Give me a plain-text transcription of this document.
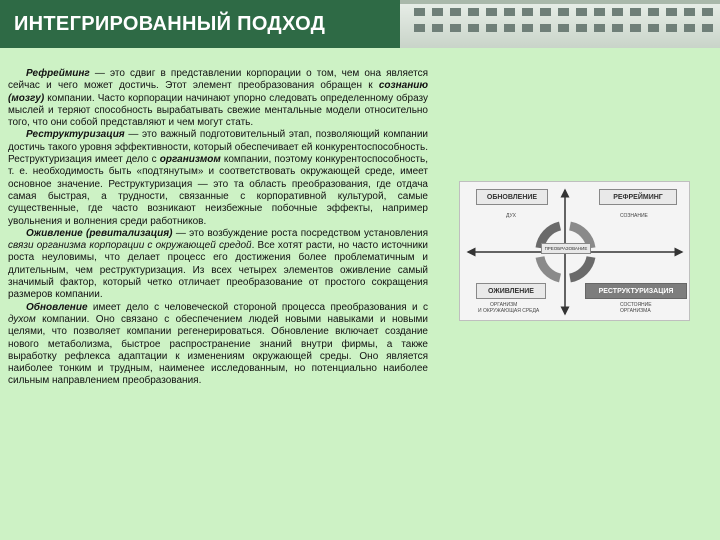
ИНТЕГРИРОВАННЫЙ ПОДХОД

Рефрейминг — это сдвиг в представлении корпорации о том, чем она является сейчас и чего может достичь. Этот элемент преобразования обращен к сознанию (мозгу) компании. Часто корпорации начинают упорно следовать определенному образу мыслей и теряют способность вырабатывать свежие ментальные модели относительно того, что они собой представляют и чем могут стать.

Реструктуризация — это важный подготовительный этап, позволяющий компании достичь такого уровня эффективности, который обеспечивает ей конкурентоспособность. Реструктуризация имеет дело с организмом компании, поэтому конкурентоспособность, т. е. необходимость быть «подтянутым» и соответствовать окружающей среде, имеет основное значение. Реструктуризация — это та область преобразования, где отдача самая быстрая, а трудности, связанные с корпоративной культурой, самые существенные, где часто возникают неизбежные побочные эффекты, например увольнения и волнения среди работников.

Оживление (ревитализация) — это возбуждение роста посредством установления связи организма корпорации с окружающей средой. Все хотят расти, но часто источники роста неуловимы, что делает процесс его достижения более проблематичным и длительным, чем реструктуризация. Из всех четырех элементов оживление самый значимый фактор, который четко отличает преобразование от простого сокращения размеров компании.

Обновление имеет дело с человеческой стороной процесса преобразования и с духом компании. Оно связано с обеспечением людей новыми навыками и новыми целями, что позволяет компании регенерироваться. Обновление включает создание нового метаболизма, быстрое распространение знаний внутри фирмы, а также выработку рефлекса адаптации к изменениям окружающей среды. Оно является наиболее тонким и трудным, наименее исследованным, но потенциально наиболее сильным направлением преобразования.

ОБНОВЛЕНИЕ	РЕФРЕЙМИНГ
ОЖИВЛЕНИЕ	РЕСТРУКТУРИЗАЦИЯ
ДУХ	СОЗНАНИЕ
ПРЕОБРАЗОВАНИЕ
ОРГАНИЗМ
И ОКРУЖАЮЩАЯ СРЕДА
СОСТОЯНИЕ
ОРГАНИЗМА
